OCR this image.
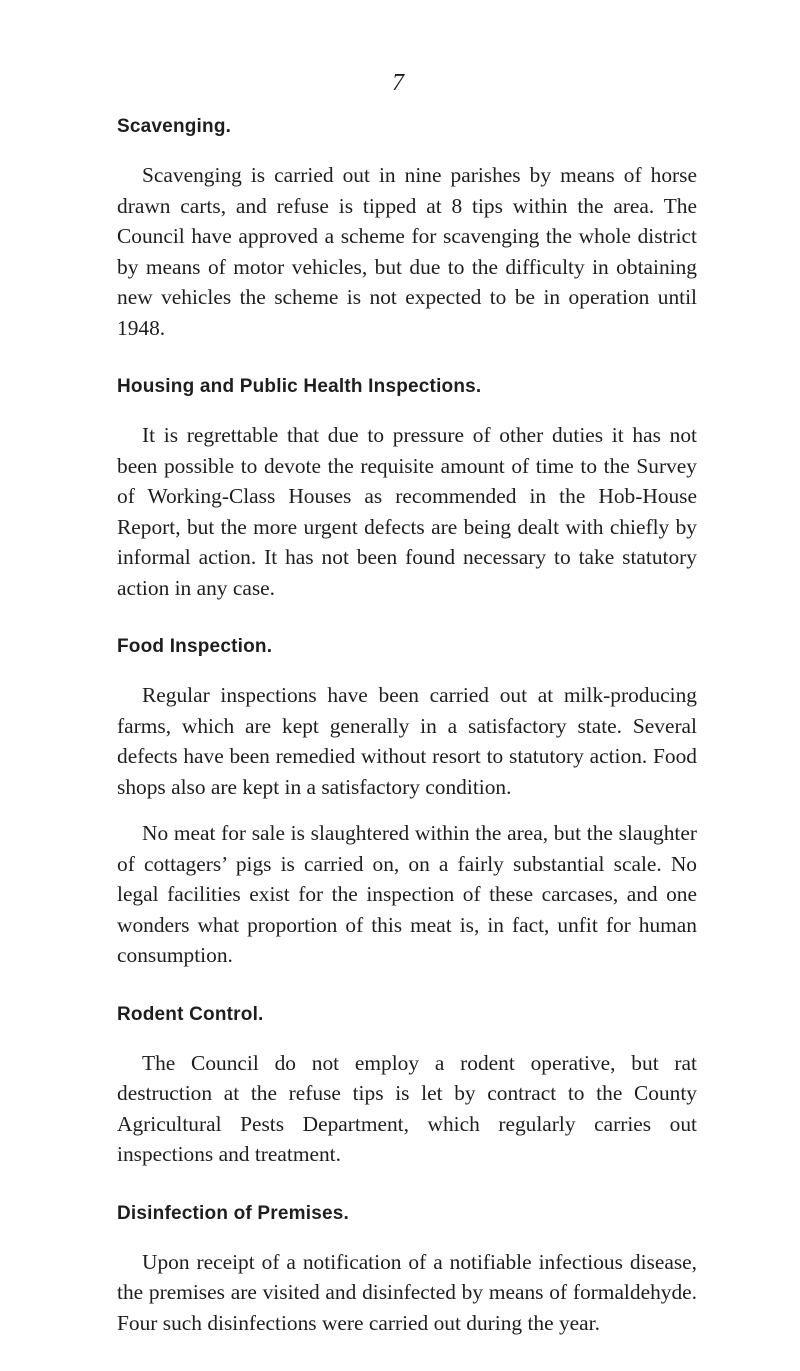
7
Scavenging.

Scavenging is carried out in nine parishes by means of horse drawn carts, and refuse is tipped at 8 tips within the area. The Council have approved a scheme for scavenging the whole district by means of motor vehicles, but due to the difficulty in obtaining new vehicles the scheme is not expected to be in operation until 1948.

Housing and Public Health Inspections.

It is regrettable that due to pressure of other duties it has not been possible to devote the requisite amount of time to the Survey of Working-Class Houses as recommended in the Hob-House Report, but the more urgent defects are being dealt with chiefly by informal action. It has not been found necessary to take statutory action in any case.

Food Inspection.

Regular inspections have been carried out at milk-producing farms, which are kept generally in a satisfactory state. Several defects have been remedied without resort to statutory action. Food shops also are kept in a satisfactory condition.

No meat for sale is slaughtered within the area, but the slaughter of cottagers’ pigs is carried on, on a fairly substantial scale. No legal facilities exist for the inspection of these carcases, and one wonders what proportion of this meat is, in fact, unfit for human consumption.

Rodent Control.

The Council do not employ a rodent operative, but rat destruction at the refuse tips is let by contract to the County Agricultural Pests Department, which regularly carries out inspections and treatment.

Disinfection of Premises.

Upon receipt of a notification of a notifiable infectious disease, the premises are visited and disinfected by means of formaldehyde. Four such disinfections were carried out during the year.
